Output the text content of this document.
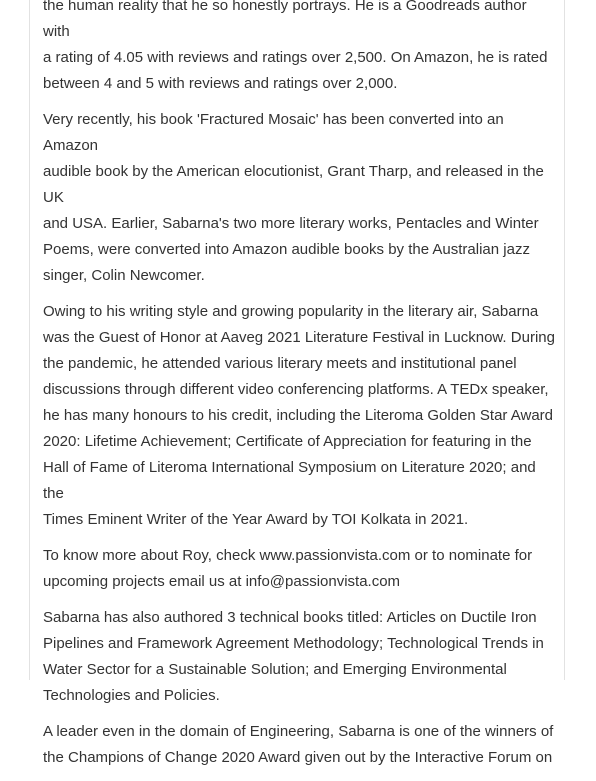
the human reality that he so honestly portrays. He is a Goodreads author with
a rating of 4.05 with reviews and ratings over 2,500. On Amazon, he is rated
between 4 and 5 with reviews and ratings over 2,000.

Very recently, his book 'Fractured Mosaic' has been converted into an Amazon
audible book by the American elocutionist, Grant Tharp, and released in the UK
and USA. Earlier, Sabarna's two more literary works, Pentacles and Winter
Poems, were converted into Amazon audible books by the Australian jazz
singer, Colin Newcomer.

Owing to his writing style and growing popularity in the literary air, Sabarna
was the Guest of Honor at Aaveg 2021 Literature Festival in Lucknow. During
the pandemic, he attended various literary meets and institutional panel
discussions through different video conferencing platforms. A TEDx speaker,
he has many honours to his credit, including the Literoma Golden Star Award
2020: Lifetime Achievement; Certificate of Appreciation for featuring in the
Hall of Fame of Literoma International Symposium on Literature 2020; and the
Times Eminent Writer of the Year Award by TOI Kolkata in 2021.

To know more about Roy, check www.passionvista.com or to nominate for
upcoming projects email us at info@passionvista.com

Sabarna has also authored 3 technical books titled: Articles on Ductile Iron
Pipelines and Framework Agreement Methodology; Technological Trends in
Water Sector for a Sustainable Solution; and Emerging Environmental
Technologies and Policies.

A leader even in the domain of Engineering, Sabarna is one of the winners of
the Champions of Change 2020 Award given out by the Interactive Forum on
